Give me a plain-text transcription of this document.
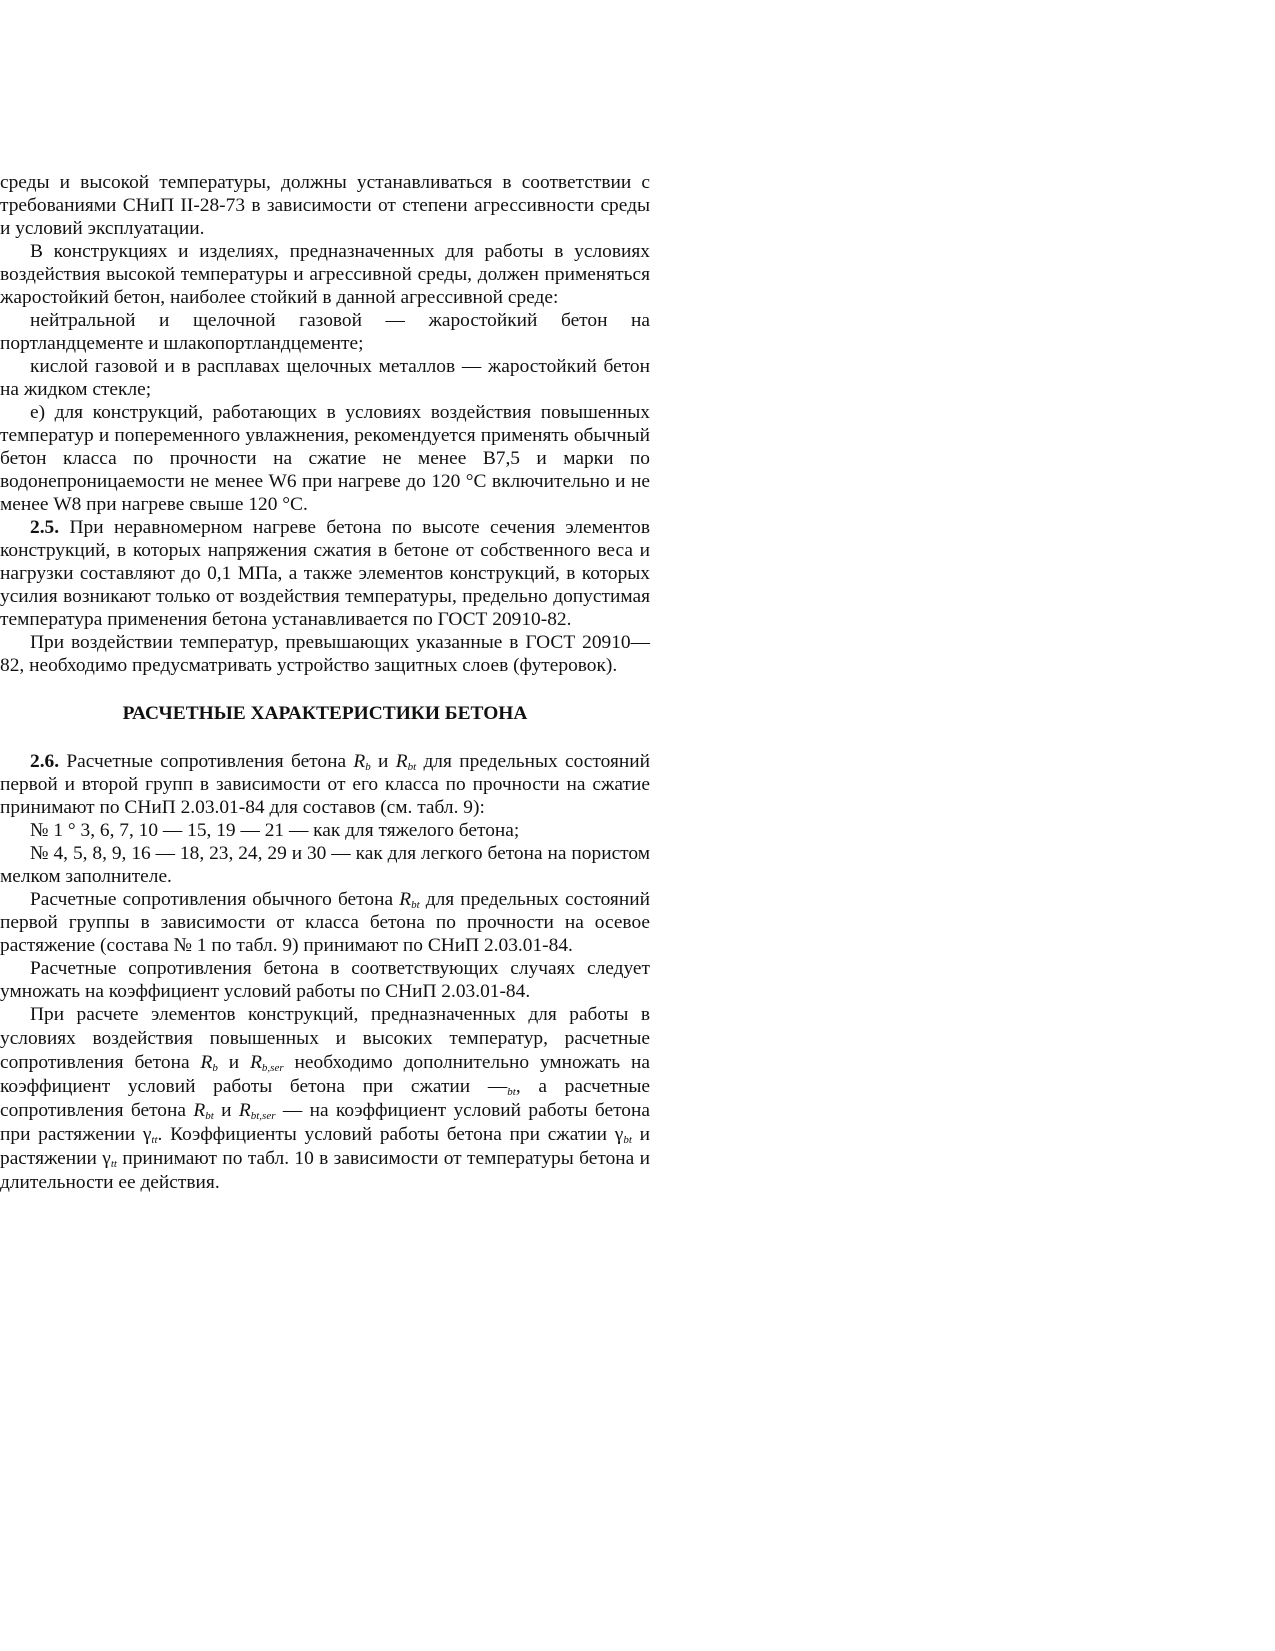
среды и высокой температуры, должны устанавливаться в соответствии с требованиями СНиП II-28-73 в зависимости от степени агрессивности среды и условий эксплуатации.

В конструкциях и изделиях, предназначенных для работы в условиях воздействия высокой температуры и агрессивной среды, должен применяться жаростойкий бетон, наиболее стойкий в данной агрессивной среде:

нейтральной и щелочной газовой — жаростойкий бетон на портландцементе и шлакопортландцементе;

кислой газовой и в расплавах щелочных металлов — жаростойкий бетон на жидком стекле;

е) для конструкций, работающих в условиях воздействия повышенных температур и попеременного увлажнения, рекомендуется применять обычный бетон класса по прочности на сжатие не менее В7,5 и марки по водонепроницаемости не менее W6 при нагреве до 120 °С включительно и не менее W8 при нагреве свыше 120 °С.

2.5. При неравномерном нагреве бетона по высоте сечения элементов конструкций, в которых напряжения сжатия в бетоне от собственного веса и нагрузки составляют до 0,1 МПа, а также элементов конструкций, в которых усилия возникают только от воздействия температуры, предельно допустимая температура применения бетона устанавливается по ГОСТ 20910-82.

При воздействии температур, превышающих указанные в ГОСТ 20910—82, необходимо предусматривать устройство защитных слоев (футеровок).

РАСЧЕТНЫЕ ХАРАКТЕРИСТИКИ БЕТОНА

2.6. Расчетные сопротивления бетона $R_b$ и $R_{bt}$ для предельных состояний первой и второй групп в зависимости от его класса по прочности на сжатие принимают по СНиП 2.03.01-84 для составов (см. табл. 9):

№ 1 ° 3, 6, 7, 10 — 15, 19 — 21 — как для тяжелого бетона;

№ 4, 5, 8, 9, 16 — 18, 23, 24, 29 и 30 — как для легкого бетона на пористом мелком заполнителе.

Расчетные сопротивления обычного бетона $R_{bt}$ для предельных состояний первой группы в зависимости от класса бетона по прочности на осевое растяжение (состава № 1 по табл. 9) принимают по СНиП 2.03.01-84.

Расчетные сопротивления бетона в соответствующих случаях следует умножать на коэффициент условий работы по СНиП 2.03.01-84.

При расчете элементов конструкций, предназначенных для работы в условиях воздействия повышенных и высоких температур, расчетные сопротивления бетона $R_b$ и $R_{b,ser}$ необходимо дополнительно умножать на коэффициент условий работы бетона при сжатии $—_{bt}$, а расчетные сопротивления бетона $R_{bt}$ и $R_{bt,ser}$ — на коэффициент условий работы бетона при растяжении $\gamma_{tt}$. Коэффициенты условий работы бетона при сжатии $\gamma_{bt}$ и растяжении $\gamma_{tt}$ принимают по табл. 10 в зависимости от температуры бетона и длительности ее действия.
